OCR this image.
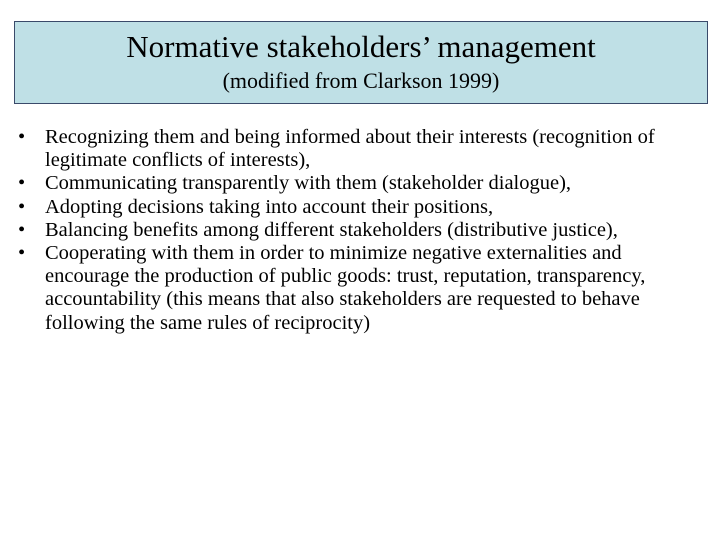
Normative stakeholders’ management
(modified from Clarkson 1999)
• Recognizing them and being informed about their interests (recognition of legitimate conflicts of interests),
• Communicating transparently with them (stakeholder dialogue),
• Adopting decisions taking into account their positions,
• Balancing benefits among different stakeholders (distributive justice),
• Cooperating with them in order to minimize negative externalities and encourage the production of public goods: trust, reputation, transparency, accountability (this means that also stakeholders are requested to behave following the same rules of reciprocity)
